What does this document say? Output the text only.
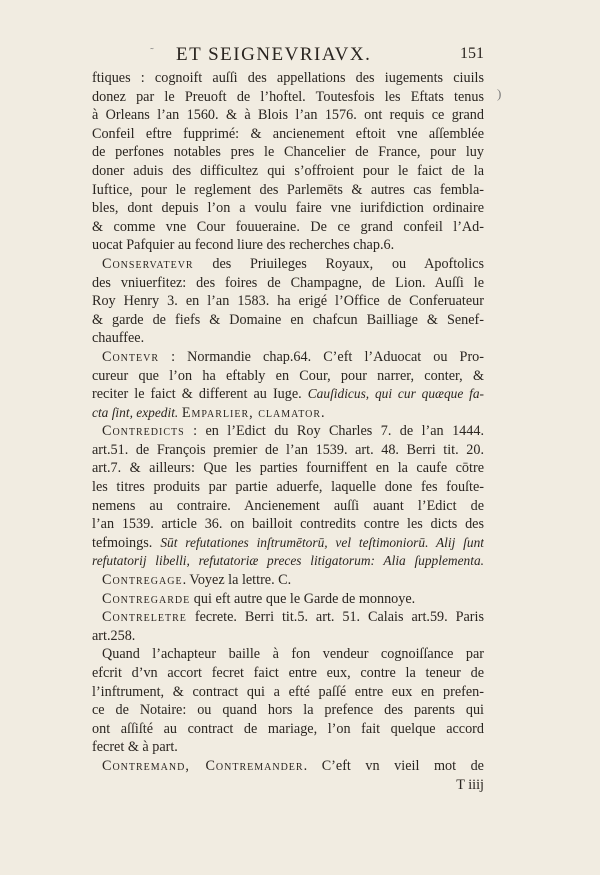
˜ ET SEIGNEVRIAVX.	151
)
ftiques : cognoift auſſi des appellations des iugements ciuils
donez par le Preuoft de l’hoftel. Toutesfois les Eftats tenus
à Orleans l’an 1560. & à Blois l’an 1576. ont requis ce grand
Confeil eftre fupprimé: & ancienement eftoit vne aſſemblée
de perfones notables pres le Chancelier de France, pour luy
doner aduis des difficultez qui s’offroient pour le faict de la
Iuftice, pour le reglement des Parlemēts & autres cas fembla-
bles, dont depuis l’on a voulu faire vne iurifdiction ordinaire
& comme vne Cour fouueraine. De ce grand confeil l’Ad-
uocat Pafquier au fecond liure des recherches chap.6.
Conservatevr des Priuileges Royaux, ou Apoftolics
des vniuerfitez: des foires de Champagne, de Lion. Auſſi le
Roy Henry 3. en l’an 1583. ha erigé l’Office de Conferuateur
& garde de fiefs & Domaine en chafcun Bailliage & Senef-
chauffee.
Contevr : Normandie chap.64. C’eft l’Aduocat ou Pro-
cureur que l’on ha eftably en Cour, pour narrer, conter, &
reciter le faict & different au Iuge. Cauſidicus, qui cur quæque fa-
cta ſint, expedit. Emparlier, clamator.
Contredicts : en l’Edict du Roy Charles 7. de l’an 1444.
art.51. de François premier de l’an 1539. art. 48. Berri tit. 20.
art.7. & ailleurs: Que les parties fourniffent en la caufe cōtre
les titres produits par partie aduerfe, laquelle done fes fouſte-
nemens au contraire. Ancienement auſſi auant l’Edict de
l’an 1539. article 36. on bailloit contredits contre les dicts des
tefmoings. Sūt refutationes inſtrumētorū, vel teſtimoniorū. Alij ſunt
refutatorij libelli, refutatoriæ preces litigatorum: Alia ſupplementa.
Contregage. Voyez la lettre. C.
Contregarde qui eft autre que le Garde de monnoye.
Contreletre fecrete. Berri tit.5. art. 51. Calais art.59. Paris
art.258.
Quand l’achapteur baille à fon vendeur cognoiſſance par
efcrit d’vn accort fecret faict entre eux, contre la teneur de
l’inftrument, & contract qui a efté paſſé entre eux en prefen-
ce de Notaire: ou quand hors la prefence des parents qui
ont aſſiſté au contract de mariage, l’on fait quelque accord
fecret & à part.
Contremand, Contremander. C’eft vn vieil mot de
T iiij
